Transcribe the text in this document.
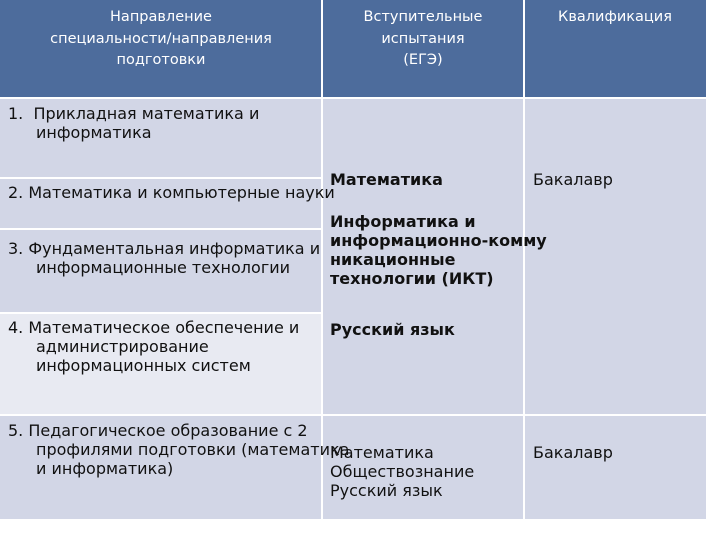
Направление
специальности/направления
подготовки
Вступительные
испытания
(ЕГЭ)
Квалификация
1.  Прикладная математика и
информатика
2. Математика и компьютерные науки
3. Фундаментальная информатика и
информационные технологии
4. Математическое обеспечение и
администрирование
информационных систем
5. Педагогическое образование с 2
профилями подготовки (математика
и информатика)
Математика
Информатика и
информационно-комму
никационные
технологии (ИКТ)
Русский язык
Математика
Обществознание
Русский язык
Бакалавр
Бакалавр
